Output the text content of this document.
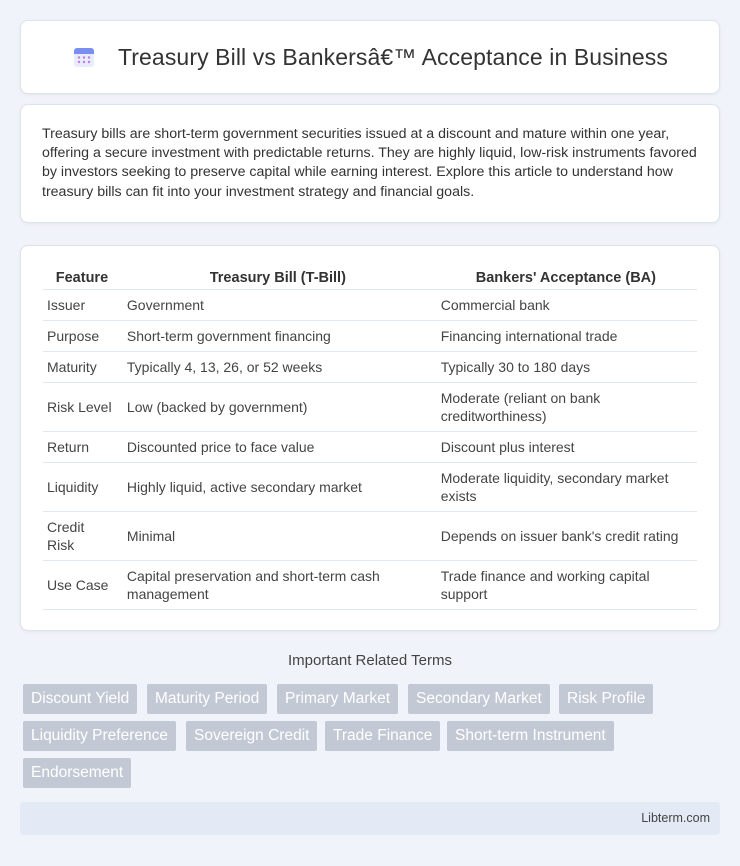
Treasury Bill vs Bankersâ€™ Acceptance in Business

Treasury bills are short-term government securities issued at a discount and mature within one year, offering a secure investment with predictable returns. They are highly liquid, low-risk instruments favored by investors seeking to preserve capital while earning interest. Explore this article to understand how treasury bills can fit into your investment strategy and financial goals.

Feature	Treasury Bill (T-Bill)	Bankers' Acceptance (BA)
Issuer	Government	Commercial bank
Purpose	Short-term government financing	Financing international trade
Maturity	Typically 4, 13, 26, or 52 weeks	Typically 30 to 180 days
Risk Level	Low (backed by government)	Moderate (reliant on bank creditworthiness)
Return	Discounted price to face value	Discount plus interest
Liquidity	Highly liquid, active secondary market	Moderate liquidity, secondary market exists
Credit Risk	Minimal	Depends on issuer bank's credit rating
Use Case	Capital preservation and short-term cash management	Trade finance and working capital support
Important Related Terms
Discount Yield	Maturity Period	Primary Market	Secondary Market	Risk Profile
Liquidity Preference	Sovereign Credit	Trade Finance	Short-term Instrument
Endorsement
Libterm.com
